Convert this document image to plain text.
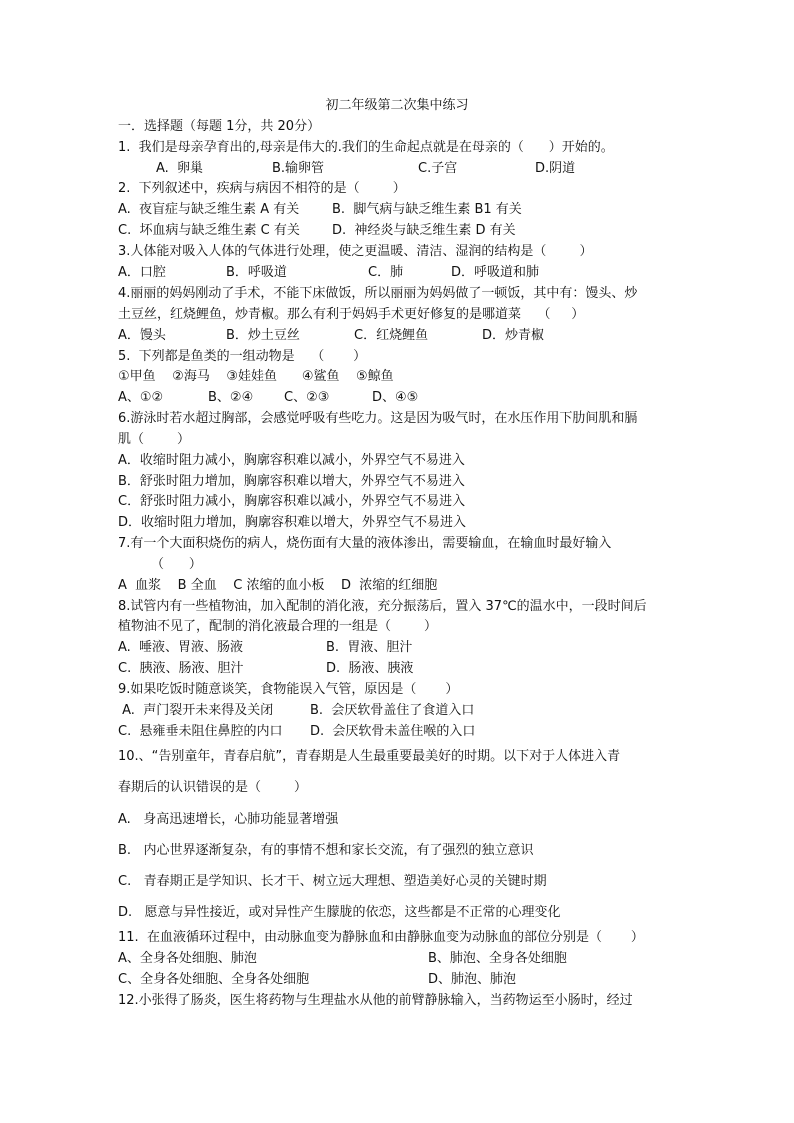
初二年级第二次集中练习
一．选择题（每题 1分，共 20分）
1.  我们是母亲孕育出的,母亲是伟大的.我们的生命起点就是在母亲的（      ）开始的。
A.  卵巢	B.输卵管	C.子宫	D.阴道
2.  下列叙述中，疾病与病因不相符的是（        ）
A.  夜盲症与缺乏维生素 A 有关	B.  脚气病与缺乏维生素 B1 有关
C.  坏血病与缺乏维生素 C 有关 D.  神经炎与缺乏维生素 D 有关
3.人体能对吸入人体的气体进行处理，使之更温暖、清洁、湿润的结构是（        ）
A．口腔	B．呼吸道	C．肺	D．呼吸道和肺
4.丽丽的妈妈刚动了手术，不能下床做饭，所以丽丽为妈妈做了一顿饭，其中有：馒头、炒
土豆丝，红烧鲤鱼，炒青椒。那么有利于妈妈手术更好修复的是哪道菜    （     ）
A．馒头	B．炒土豆丝	C．红烧鲤鱼	D．炒青椒
5.  下列都是鱼类的一组动物是    （       ）
①甲鱼    ②海马    ③娃娃鱼      ④鲨鱼    ⑤鲸鱼
A、①②	B、②④ C、②③	D、④⑤
6.游泳时若水超过胸部，会感觉呼吸有些吃力。这是因为吸气时，在水压作用下肋间肌和膈
肌（        ）
A．收缩时阻力减小，胸廓容积难以减小，外界空气不易进入
B．舒张时阻力增加，胸廓容积难以增大，外界空气不易进入
C．舒张时阻力减小，胸廓容积难以减小，外界空气不易进入
D．收缩时阻力增加，胸廓容积难以增大，外界空气不易进入
7.有一个大面积烧伤的病人，烧伤面有大量的液体渗出，需要输血，在输血时最好输入
（      ）
A  血浆    B 全血    C 浓缩的血小板    D  浓缩的红细胞
8.试管内有一些植物油，加入配制的消化液，充分振荡后，置入 37℃的温水中，一段时间后
植物油不见了，配制的消化液最合理的一组是（        ）
A.  唾液、胃液、肠液	B.  胃液、胆汁
C.  胰液、肠液、胆汁	D.  肠液、胰液
9.如果吃饭时随意谈笑，食物能误入气管，原因是（       ）
A.  声门裂开未来得及关闭	B.  会厌软骨盖住了食道入口
C.  悬雍垂未阻住鼻腔的内口 D.  会厌软骨未盖住喉的入口
10.、“告别童年，青春启航”，青春期是人生最重要最美好的时期。以下对于人体进入青
春期后的认识错误的是（        ）
A.   身高迅速增长，心肺功能显著增强
B.   内心世界逐渐复杂，有的事情不想和家长交流，有了强烈的独立意识
C.   青春期正是学知识、长才干、树立远大理想、塑造美好心灵的关键时期
D.   愿意与异性接近，或对异性产生朦胧的依恋，这些都是不正常的心理变化
11.  在血液循环过程中，由动脉血变为静脉血和由静脉血变为动脉血的部位分别是（       ）
A、全身各处细胞、肺泡	B、肺泡、全身各处细胞
C、全身各处细胞、全身各处细胞	D、肺泡、肺泡
12.小张得了肠炎，医生将药物与生理盐水从他的前臂静脉输入，当药物运至小肠时，经过
